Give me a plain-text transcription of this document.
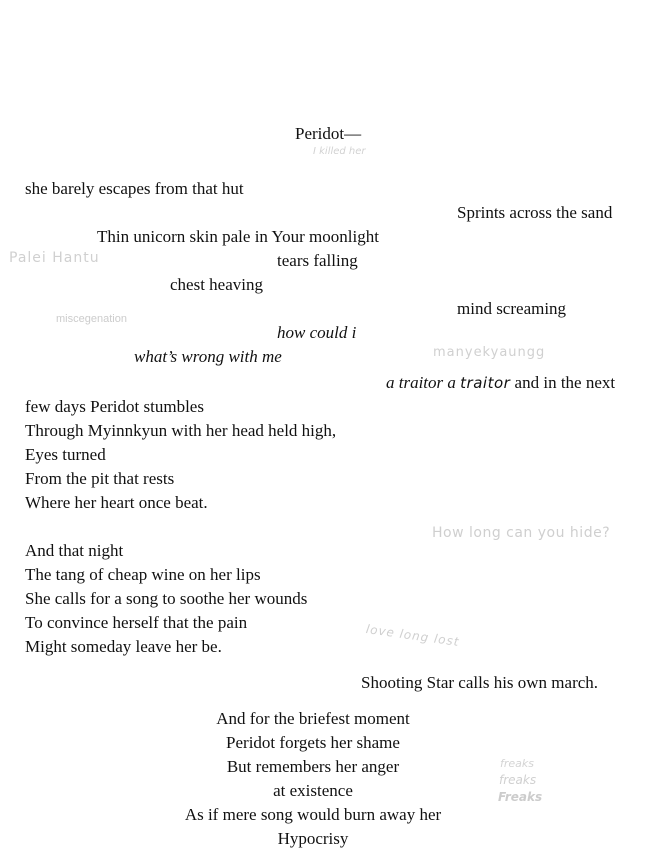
Peridot—
I killed her
she barely escapes from that hut
Sprints across the sand
Thin unicorn skin pale in Your moonlight
Palei Hantu	tears falling
chest heaving
mind screaming
miscegenation
how could i
what’s wrong with me	manyekyaungg
a traitor a traitor and in the next
few days Peridot stumbles
Through Myinnkyun with her head held high,
Eyes turned
From the pit that rests
Where her heart once beat.
How long can you hide?
And that night
The tang of cheap wine on her lips
She calls for a song to soothe her wounds
To convince herself that the pain	love long lost
Might someday leave her be.
Shooting Star calls his own march.
And for the briefest moment
Peridot forgets her shame
But remembers her anger
at existence
As if mere song would burn away her
Hypocrisy
freaks
freaks
Freaks
